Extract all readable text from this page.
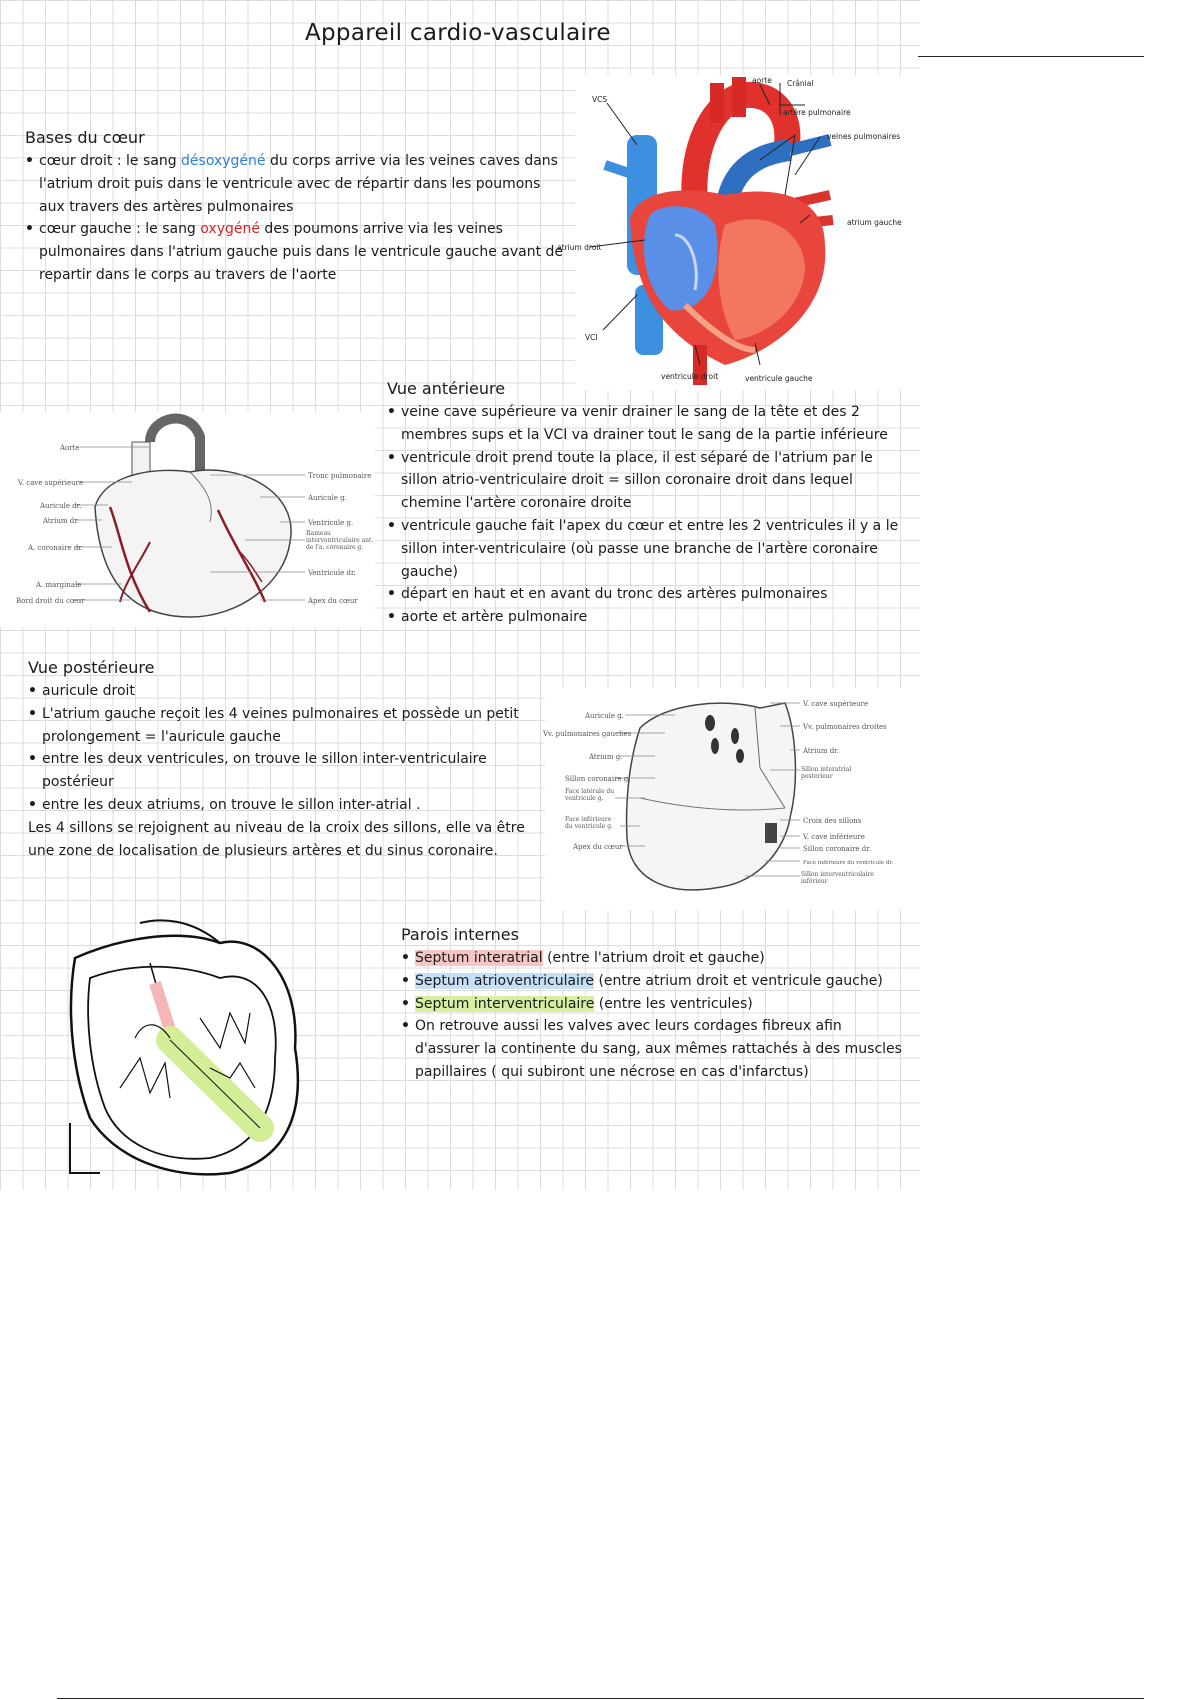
Appareil cardio-vasculaire
Bases du cœur
• cœur droit : le sang désoxygéné du corps arrive via les veines caves dans l'atrium droit puis dans le ventricule avec de répartir dans les poumons aux travers des artères pulmonaires
• cœur gauche : le sang oxygéné des poumons arrive via les veines pulmonaires dans l'atrium gauche puis dans le ventricule gauche avant de repartir dans le corps au travers de l'aorte
VCS
aorte Crânial
artère pulmonaire
veines pulmonaires
atrium droit
atrium gauche
VCI
ventricule droit	ventricule gauche
Vue antérieure
• veine cave supérieure va venir drainer le sang de la tête et des 2 membres sups et la VCI va drainer tout le sang de la partie inférieure
• ventricule droit prend toute la place, il est séparé de l'atrium par le sillon atrio-ventriculaire droit = sillon coronaire droit dans lequel chemine l'artère coronaire droite
• ventricule gauche fait l'apex du cœur et entre les 2 ventricules il y a le sillon inter-ventriculaire (où passe une branche de l'artère coronaire gauche)
• départ en haut et en avant du tronc des artères pulmonaires
• aorte et artère pulmonaire
Aorte
V. cave supérieure
Auricule dr.
Atrium dr.
A. coronaire dr.
A. marginale
Bord droit du cœur
Tronc pulmonaire
Auricule g.
Ventricule g.
Rameau interventriculaire ant. de l'a. coronaire g.
Ventricule dr.
Apex du cœur
Vue postérieure
• auricule droit
• L'atrium gauche reçoit les 4 veines pulmonaires et possède un petit prolongement = l'auricule gauche
• entre les deux ventricules, on trouve le sillon inter-ventriculaire postérieur
• entre les deux atriums, on trouve le sillon inter-atrial .
Les 4 sillons se rejoignent au niveau de la croix des sillons, elle va être une zone de localisation de plusieurs artères et du sinus coronaire.
Auricule g.
Vv. pulmonaires gauches
Atrium g.
Sillon coronaire g.
Face latérale du ventricule g.
Face inférieure du ventricule g.
Apex du cœur
V. cave supérieure
Vv. pulmonaires droites
Atrium dr.
Sillon interatrial postérieur
Croix des sillons
V. cave inférieure
Sillon coronaire dr.
Face inférieure du ventricule dr.
Sillon interventriculaire inférieur
Parois internes
• Septum interatrial (entre l'atrium droit et gauche)
• Septum atrioventriculaire (entre atrium droit et ventricule gauche)
• Septum interventriculaire (entre les ventricules)
• On retrouve aussi les valves avec leurs cordages fibreux afin d'assurer la continente du sang, aux mêmes rattachés à des muscles papillaires ( qui subiront une nécrose en cas d'infarctus)
